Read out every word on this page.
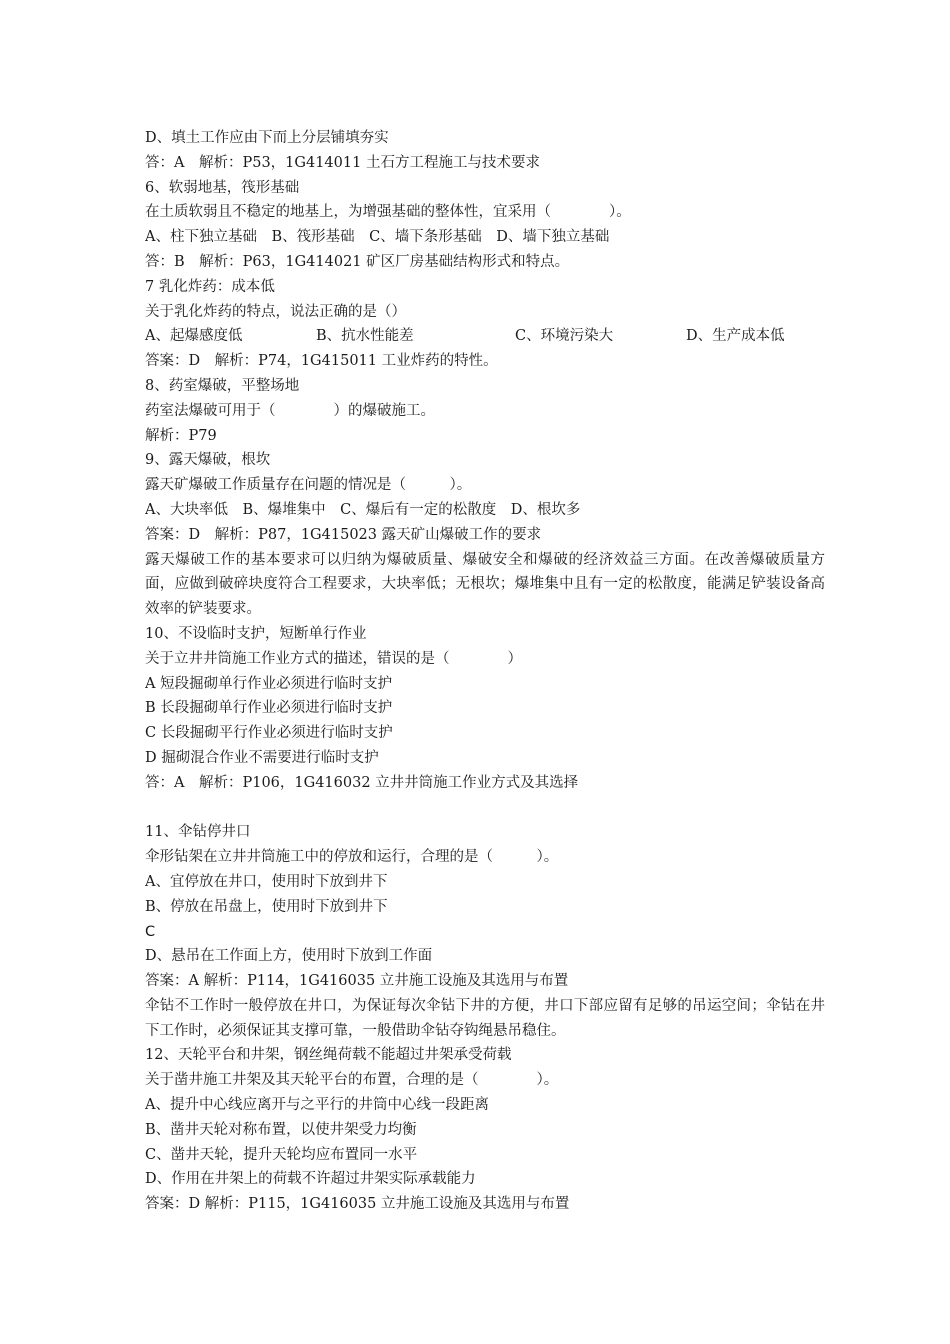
D、填土工作应由下而上分层铺填夯实
答：A　解析：P53，1G414011 土石方工程施工与技术要求
6、软弱地基，筏形基础
在土质软弱且不稳定的地基上，为增强基础的整体性，宜采用（　　　　）。
A、柱下独立基础　B、筏形基础　C、墙下条形基础　D、墙下独立基础
答：B　解析：P63，1G414021 矿区厂房基础结构形式和特点。
7 乳化炸药：成本低
关于乳化炸药的特点，说法正确的是（）
A、起爆感度低	B、抗水性能差	C、环境污染大	D、生产成本低
答案：D　解析：P74，1G415011 工业炸药的特性。
8、药室爆破，平整场地
药室法爆破可用于（　　　　）的爆破施工。
解析：P79
9、露天爆破，根坎
露天矿爆破工作质量存在问题的情况是（　　　）。
A、大块率低　B、爆堆集中　C、爆后有一定的松散度　D、根坎多
答案：D　解析：P87，1G415023 露天矿山爆破工作的要求
露天爆破工作的基本要求可以归纳为爆破质量、爆破安全和爆破的经济效益三方面。在改善爆破质量方面，应做到破碎块度符合工程要求，大块率低；无根坎；爆堆集中且有一定的松散度，能满足铲装设备高效率的铲装要求。
10、不设临时支护，短断单行作业
关于立井井筒施工作业方式的描述，错误的是（　　　　）
A 短段掘砌单行作业必须进行临时支护
B 长段掘砌单行作业必须进行临时支护
C 长段掘砌平行作业必须进行临时支护
D 掘砌混合作业不需要进行临时支护
答：A　解析：P106，1G416032 立井井筒施工作业方式及其选择
11、伞钻停井口
伞形钻架在立井井筒施工中的停放和运行，合理的是（　　　）。
A、宜停放在井口，使用时下放到井下
B、停放在吊盘上，使用时下放到井下
C
D、悬吊在工作面上方，使用时下放到工作面
答案：A 解析：P114，1G416035 立井施工设施及其选用与布置
伞钻不工作时一般停放在井口，为保证每次伞钻下井的方便，井口下部应留有足够的吊运空间；伞钻在井下工作时，必须保证其支撑可靠，一般借助伞钻夺钩绳悬吊稳住。
12、天轮平台和井架，钢丝绳荷载不能超过井架承受荷载
关于凿井施工井架及其天轮平台的布置，合理的是（　　　　）。
A、提升中心线应离开与之平行的井筒中心线一段距离
B、凿井天轮对称布置，以使井架受力均衡
C、凿井天轮，提升天轮均应布置同一水平
D、作用在井架上的荷载不许超过井架实际承载能力
答案：D 解析：P115，1G416035 立井施工设施及其选用与布置
